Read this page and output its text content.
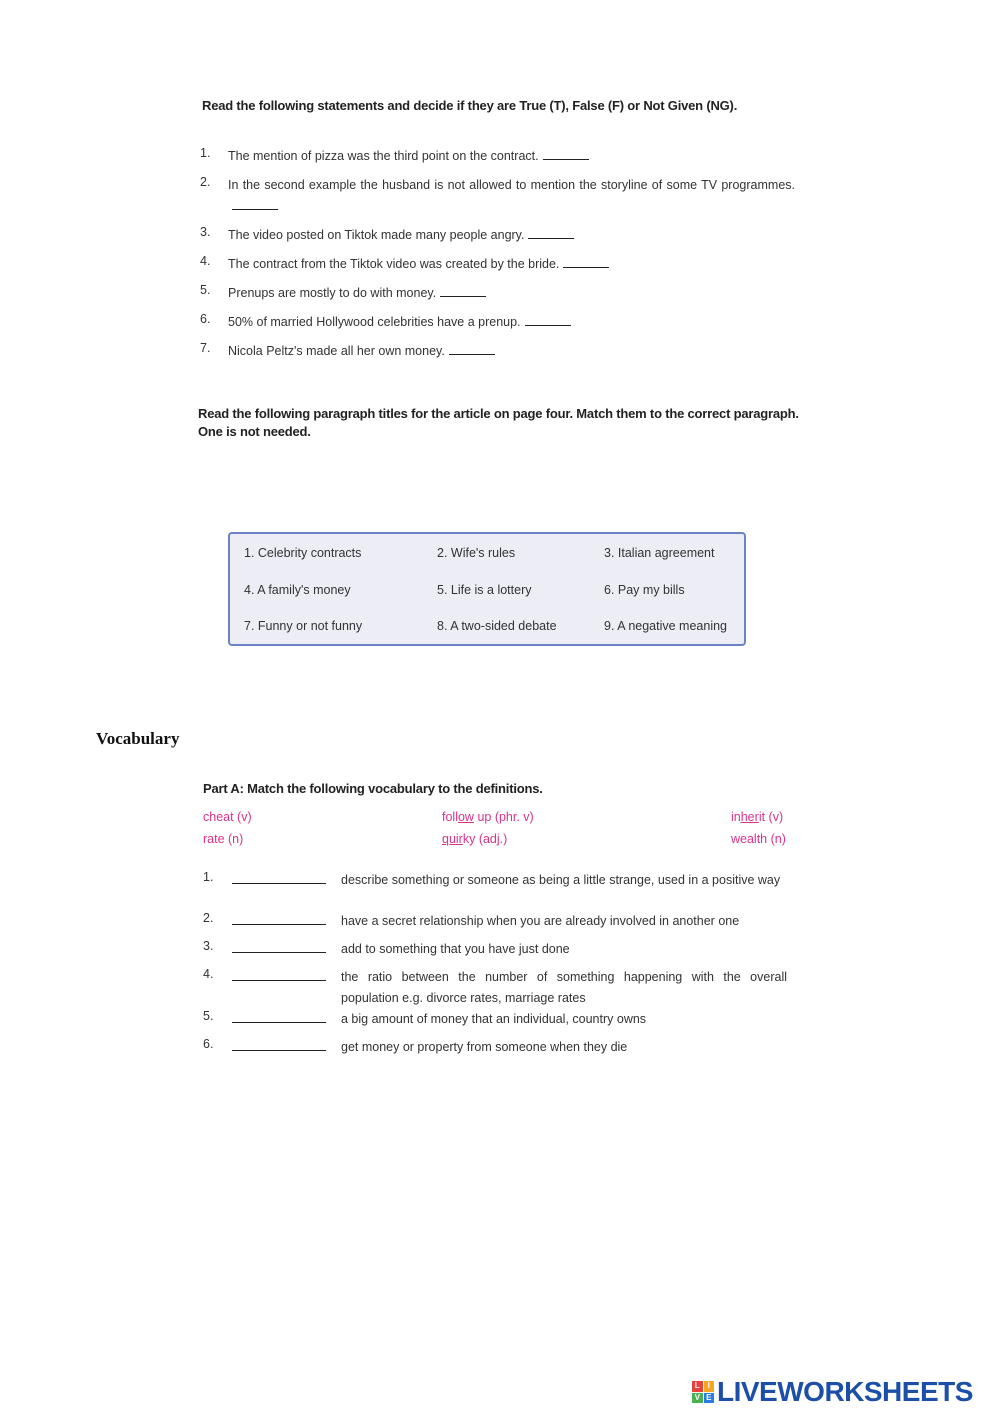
Read the following statements and decide if they are True (T), False (F) or Not Given (NG).
1.	The mention of pizza was the third point on the contract.
2.	In the second example the husband is not allowed to mention the storyline of some TV programmes.
3.	The video posted on Tiktok made many people angry.
4.	The contract from the Tiktok video was created by the bride.
5.	Prenups are mostly to do with money.
6.	50% of married Hollywood celebrities have a prenup.
7.	Nicola Peltz's made all her own money.
Read the following paragraph titles for the article on page four. Match them to the correct paragraph.
One is not needed.
1. Celebrity contracts	2. Wife's rules	3. Italian agreement
4. A family's money	5. Life is a lottery	6. Pay my bills
7. Funny or not funny	8. A two-sided debate	9. A negative meaning
Vocabulary
Part A: Match the following vocabulary to the definitions.
cheat (v)	follow up (phr. v)	inherit (v)
rate (n)	quirky (adj.)	wealth (n)
1.	describe something or someone as being a little strange, used in a positive way
2.	have a secret relationship when you are already involved in another one
3.	add to something that you have just done
4.	the ratio between the number of something happening with the overall population e.g. divorce rates, marriage rates
5.	a big amount of money that an individual, country owns
6.	get money or property from someone when they die
L I
V E LIVEWORKSHEETS
